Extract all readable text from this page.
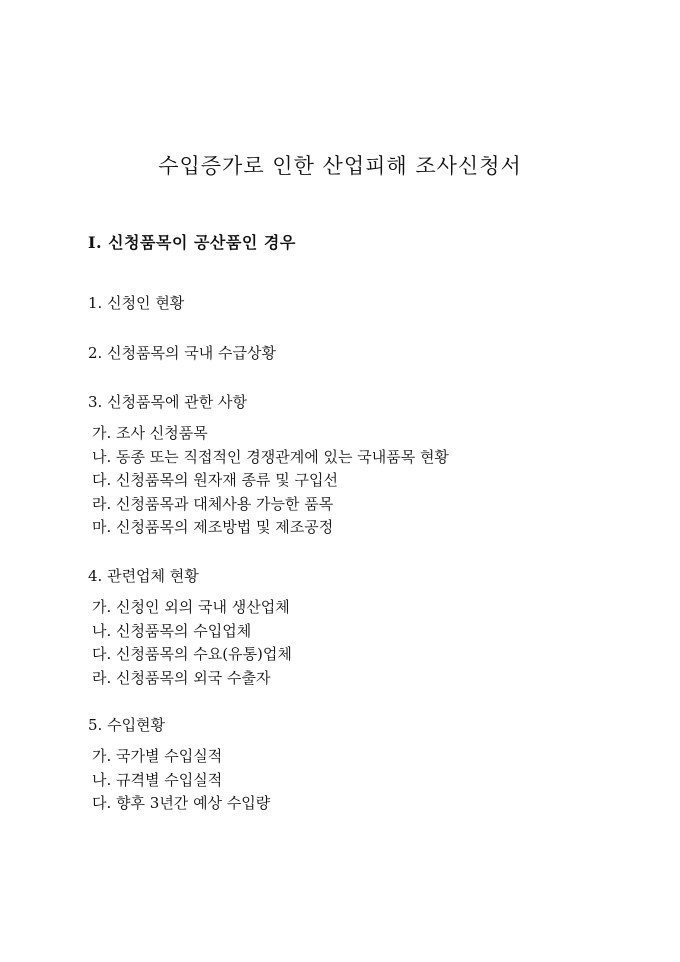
수입증가로 인한 산업피해 조사신청서
I. 신청품목이 공산품인 경우

1. 신청인 현황

2. 신청품목의 국내 수급상황

3. 신청품목에 관한 사항

가. 조사 신청품목
나. 동종 또는 직접적인 경쟁관계에 있는 국내품목 현황
다. 신청품목의 원자재 종류 및 구입선
라. 신청품목과 대체사용 가능한 품목
마. 신청품목의 제조방법 및 제조공정

4. 관련업체 현황

가. 신청인 외의 국내 생산업체
나. 신청품목의 수입업체
다. 신청품목의 수요(유통)업체
라. 신청품목의 외국 수출자

5. 수입현황

가. 국가별 수입실적
나. 규격별 수입실적
다. 향후 3년간 예상 수입량
